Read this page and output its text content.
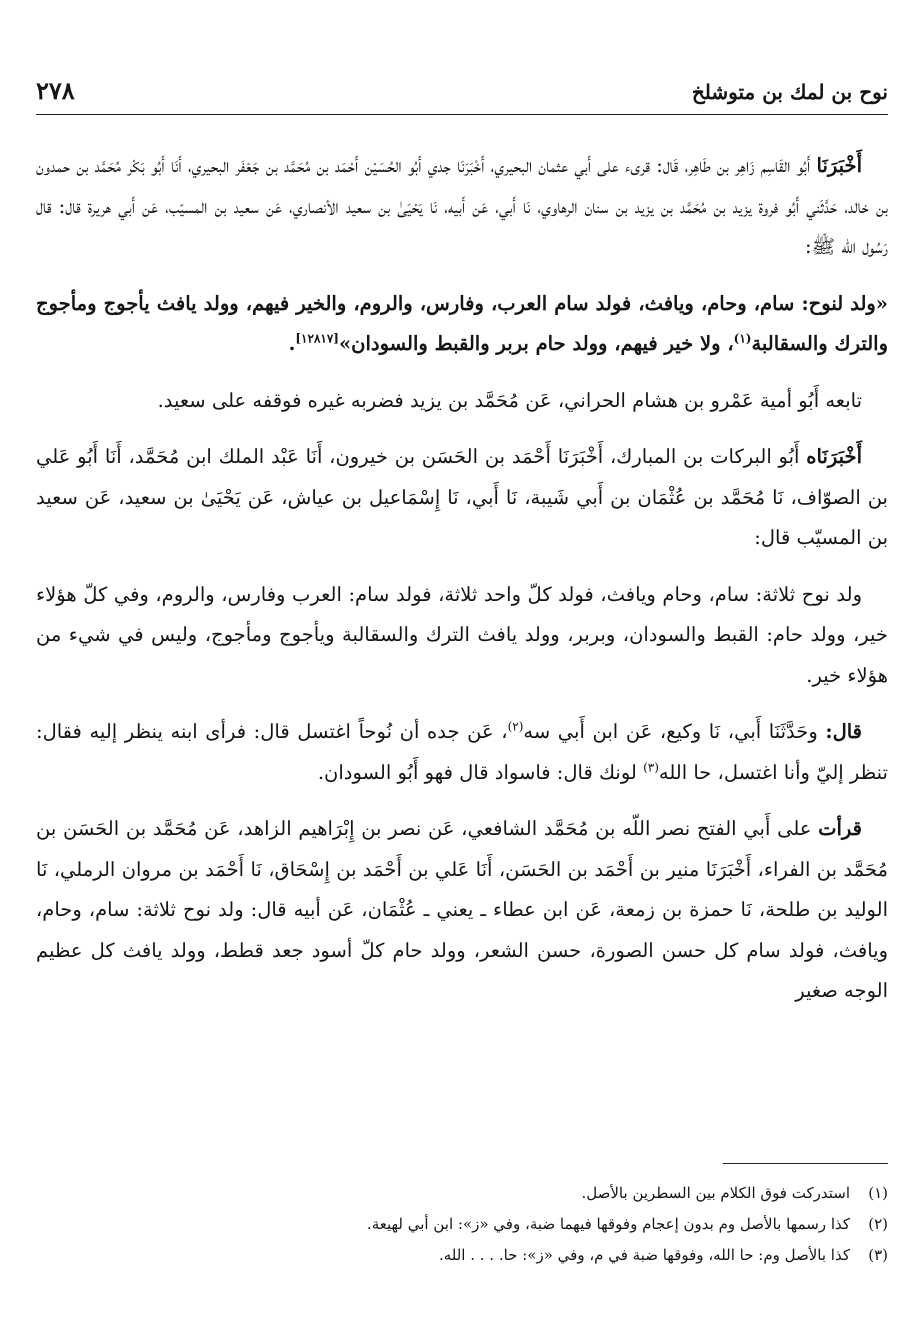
٢٧٨	نوح بن لمك بن متوشلخ
أَخْبَرَنَا أَبُو القَاسِم زَاهِر بن طَاهِر، قَال: قرىء على أَبي عثمان البحيري، أَخْبَرَنَا جدي أَبُو الحُسَيْن أَحْمَد بن مُحَمَّد بن جَعْفَر البحيري، أَنَا أَبُو بَكْر مُحَمَّد بن حمدون بن خالد، حَدَّثَني أَبُو فروة يزيد بن مُحَمَّد بن يزيد بن سنان الرهاوي، نَا أَبي، عَن أَبيه، نَا يَحْيَىٰ بن سعيد الأنصاري، عَن سعيد بن المسيّب، عَن أَبي هريرة قال: قال رَسُول الله ﷺ:
«ولد لنوح: سام، وحام، ويافث، فولد سام العرب، وفارس، والروم، والخير فيهم، وولد يافث يأجوج ومأجوج والترك والسقالبة$^{(١)}$، ولا خير فيهم، وولد حام بربر والقبط والسودان»[١٢٨١٧].
تابعه أَبُو أمية عَمْرو بن هشام الحراني، عَن مُحَمَّد بن يزيد فضربه غيره فوقفه على سعيد.
أَخْبَرَنَاه أَبُو البركات بن المبارك، أَخْبَرَنَا أَحْمَد بن الحَسَن بن خيرون، أَنَا عَبْد الملك ابن مُحَمَّد، أَنَا أَبُو عَلي بن الصوّاف، نَا مُحَمَّد بن عُثْمَان بن أَبي شَيبة، نَا أَبي، نَا إِسْمَاعيل بن عياش، عَن يَحْيَىٰ بن سعيد، عَن سعيد بن المسيّب قال:
ولد نوح ثلاثة: سام، وحام ويافث، فولد كلّ واحد ثلاثة، فولد سام: العرب وفارس، والروم، وفي كلّ هؤلاء خير، وولد حام: القبط والسودان، وبربر، وولد يافث الترك والسقالبة ويأجوج ومأجوج، وليس في شيء من هؤلاء خير.
قال: وحَدَّثَنَا أَبي، نَا وكيع، عَن ابن أَبي سه$^{(٢)}$، عَن جده أن نُوحاً اغتسل قال: فرأى ابنه ينظر إليه فقال: تنظر إليّ وأنا اغتسل، حا الله$^{(٣)}$ لونك قال: فاسواد قال فهو أَبُو السودان.
قرأت على أَبي الفتح نصر اللّه بن مُحَمَّد الشافعي، عَن نصر بن إِبْرَاهيم الزاهد، عَن مُحَمَّد بن الحَسَن بن مُحَمَّد بن الفراء، أَخْبَرَنَا منير بن أَحْمَد بن الحَسَن، أَنَا عَلي بن أَحْمَد بن إِسْحَاق، نَا أَحْمَد بن مروان الرملي، نَا الوليد بن طلحة، نَا حمزة بن زمعة، عَن ابن عطاء ـ يعني ـ عُثْمَان، عَن أبيه قال: ولد نوح ثلاثة: سام، وحام، ويافث، فولد سام كل حسن الصورة، حسن الشعر، وولد حام كلّ أسود جعد قطط، وولد يافث كل عظيم الوجه صغير
(١)
استدركت فوق الكلام بين السطرين بالأصل.
(٢)
كذا رسمها بالأصل وم بدون إعجام وفوقها فيهما ضبة، وفي «ز»: ابن أبي لهيعة.
(٣)
كذا بالأصل وم: حا الله، وفوقها ضبة في م، وفي «ز»: حا. . . . الله.
